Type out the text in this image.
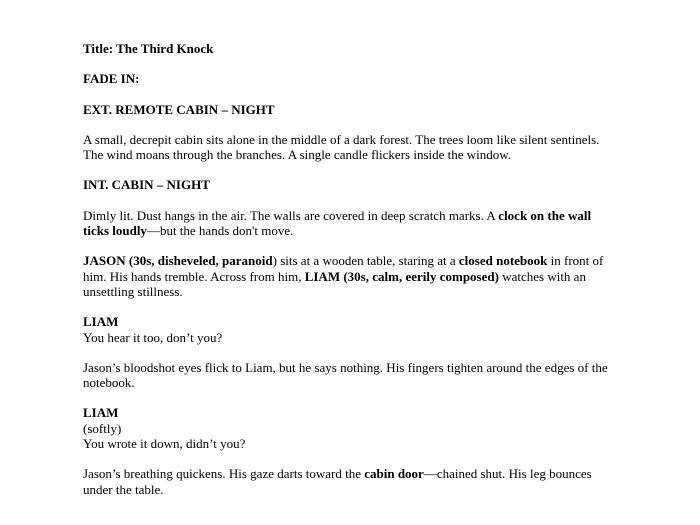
Title: The Third Knock

FADE IN:

EXT. REMOTE CABIN – NIGHT

A small, decrepit cabin sits alone in the middle of a dark forest. The trees loom like silent sentinels. The wind moans through the branches. A single candle flickers inside the window.

INT. CABIN – NIGHT

Dimly lit. Dust hangs in the air. The walls are covered in deep scratch marks. A clock on the wall ticks loudly—but the hands don't move.

JASON (30s, disheveled, paranoid) sits at a wooden table, staring at a closed notebook in front of him. His hands tremble. Across from him, LIAM (30s, calm, eerily composed) watches with an unsettling stillness.

LIAM
You hear it too, don’t you?

Jason’s bloodshot eyes flick to Liam, but he says nothing. His fingers tighten around the edges of the notebook.

LIAM
(softly)
You wrote it down, didn’t you?

Jason’s breathing quickens. His gaze darts toward the cabin door—chained shut. His leg bounces under the table.
